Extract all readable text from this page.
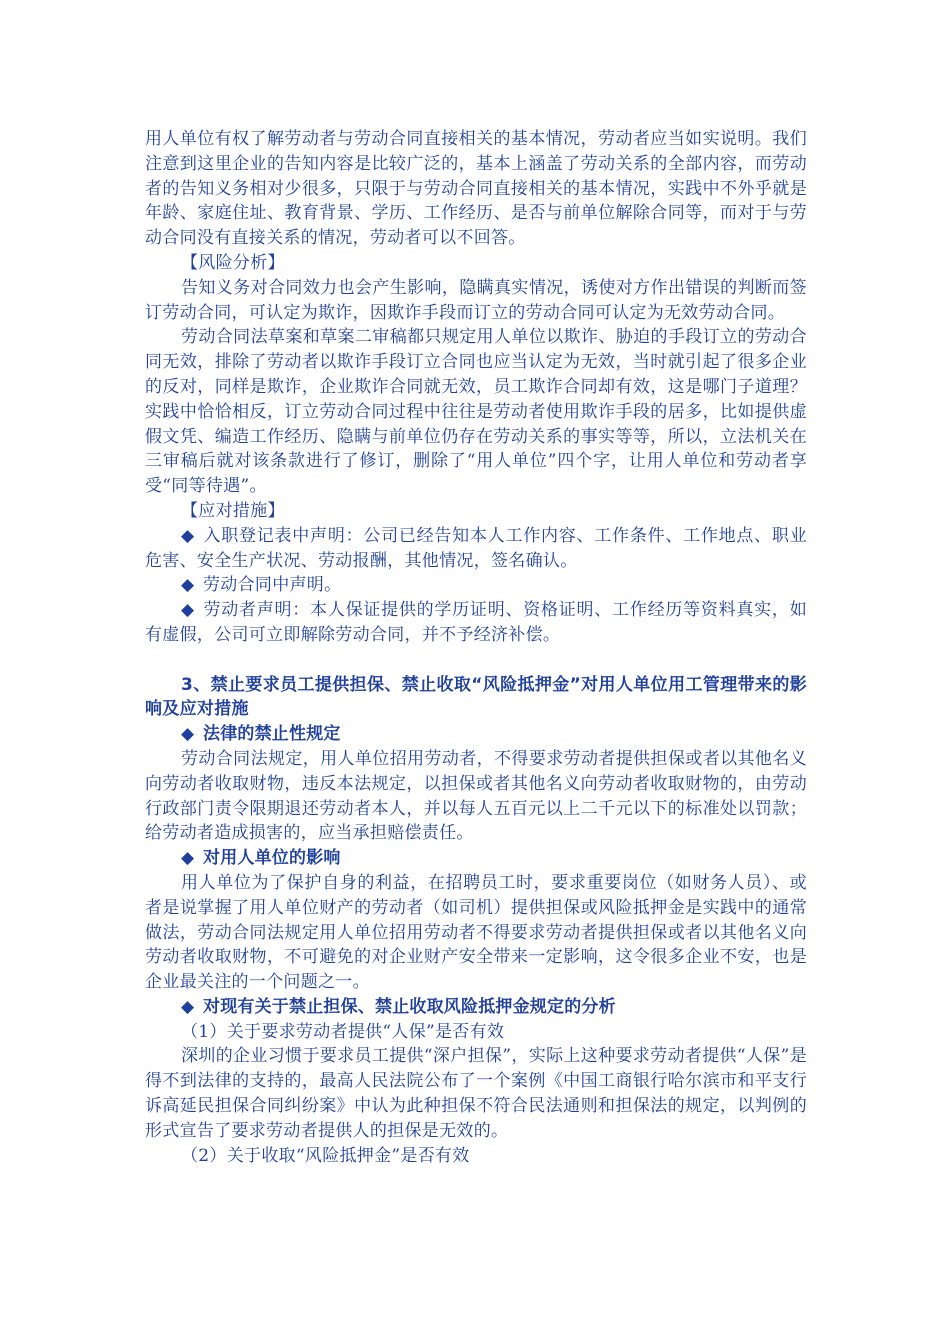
用人单位有权了解劳动者与劳动合同直接相关的基本情况，劳动者应当如实说明。我们注意到这里企业的告知内容是比较广泛的，基本上涵盖了劳动关系的全部内容，而劳动者的告知义务相对少很多，只限于与劳动合同直接相关的基本情况，实践中不外乎就是年龄、家庭住址、教育背景、学历、工作经历、是否与前单位解除合同等，而对于与劳动合同没有直接关系的情况，劳动者可以不回答。

【风险分析】

告知义务对合同效力也会产生影响，隐瞒真实情况，诱使对方作出错误的判断而签订劳动合同，可认定为欺诈，因欺诈手段而订立的劳动合同可认定为无效劳动合同。

劳动合同法草案和草案二审稿都只规定用人单位以欺诈、胁迫的手段订立的劳动合同无效，排除了劳动者以欺诈手段订立合同也应当认定为无效，当时就引起了很多企业的反对，同样是欺诈，企业欺诈合同就无效，员工欺诈合同却有效，这是哪门子道理？实践中恰恰相反，订立劳动合同过程中往往是劳动者使用欺诈手段的居多，比如提供虚假文凭、编造工作经历、隐瞒与前单位仍存在劳动关系的事实等等，所以，立法机关在三审稿后就对该条款进行了修订，删除了“用人单位”四个字，让用人单位和劳动者享受“同等待遇”。

【应对措施】

◆ 入职登记表中声明：公司已经告知本人工作内容、工作条件、工作地点、职业危害、安全生产状况、劳动报酬，其他情况，签名确认。

◆ 劳动合同中声明。

◆ 劳动者声明：本人保证提供的学历证明、资格证明、工作经历等资料真实，如有虚假，公司可立即解除劳动合同，并不予经济补偿。

3、禁止要求员工提供担保、禁止收取“风险抵押金”对用人单位用工管理带来的影响及应对措施

◆ 法律的禁止性规定

劳动合同法规定，用人单位招用劳动者，不得要求劳动者提供担保或者以其他名义向劳动者收取财物，违反本法规定，以担保或者其他名义向劳动者收取财物的，由劳动行政部门责令限期退还劳动者本人，并以每人五百元以上二千元以下的标准处以罚款；给劳动者造成损害的，应当承担赔偿责任。

◆ 对用人单位的影响

用人单位为了保护自身的利益，在招聘员工时，要求重要岗位（如财务人员）、或者是说掌握了用人单位财产的劳动者（如司机）提供担保或风险抵押金是实践中的通常做法，劳动合同法规定用人单位招用劳动者不得要求劳动者提供担保或者以其他名义向劳动者收取财物，不可避免的对企业财产安全带来一定影响，这令很多企业不安，也是企业最关注的一个问题之一。

◆ 对现有关于禁止担保、禁止收取风险抵押金规定的分析

（1）关于要求劳动者提供“人保”是否有效

深圳的企业习惯于要求员工提供“深户担保”，实际上这种要求劳动者提供“人保”是得不到法律的支持的，最高人民法院公布了一个案例《中国工商银行哈尔滨市和平支行诉高延民担保合同纠纷案》中认为此种担保不符合民法通则和担保法的规定，以判例的形式宣告了要求劳动者提供人的担保是无效的。

（2）关于收取“风险抵押金”是否有效
